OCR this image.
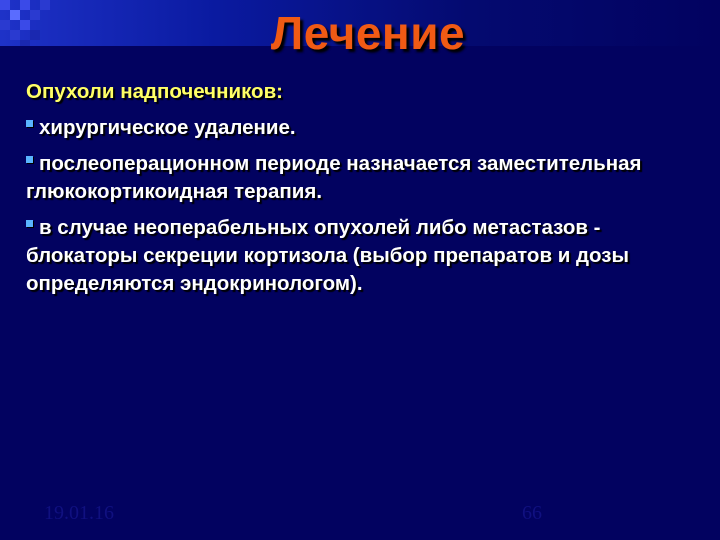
Лечение
Опухоли надпочечников:
хирургическое удаление.
послеоперационном периоде назначается заместительная глюкокортикоидная терапия.
в случае неоперабельных опухолей либо метастазов - блокаторы секреции кортизола (выбор препаратов и дозы определяются эндокринологом).
19.01.16	66
